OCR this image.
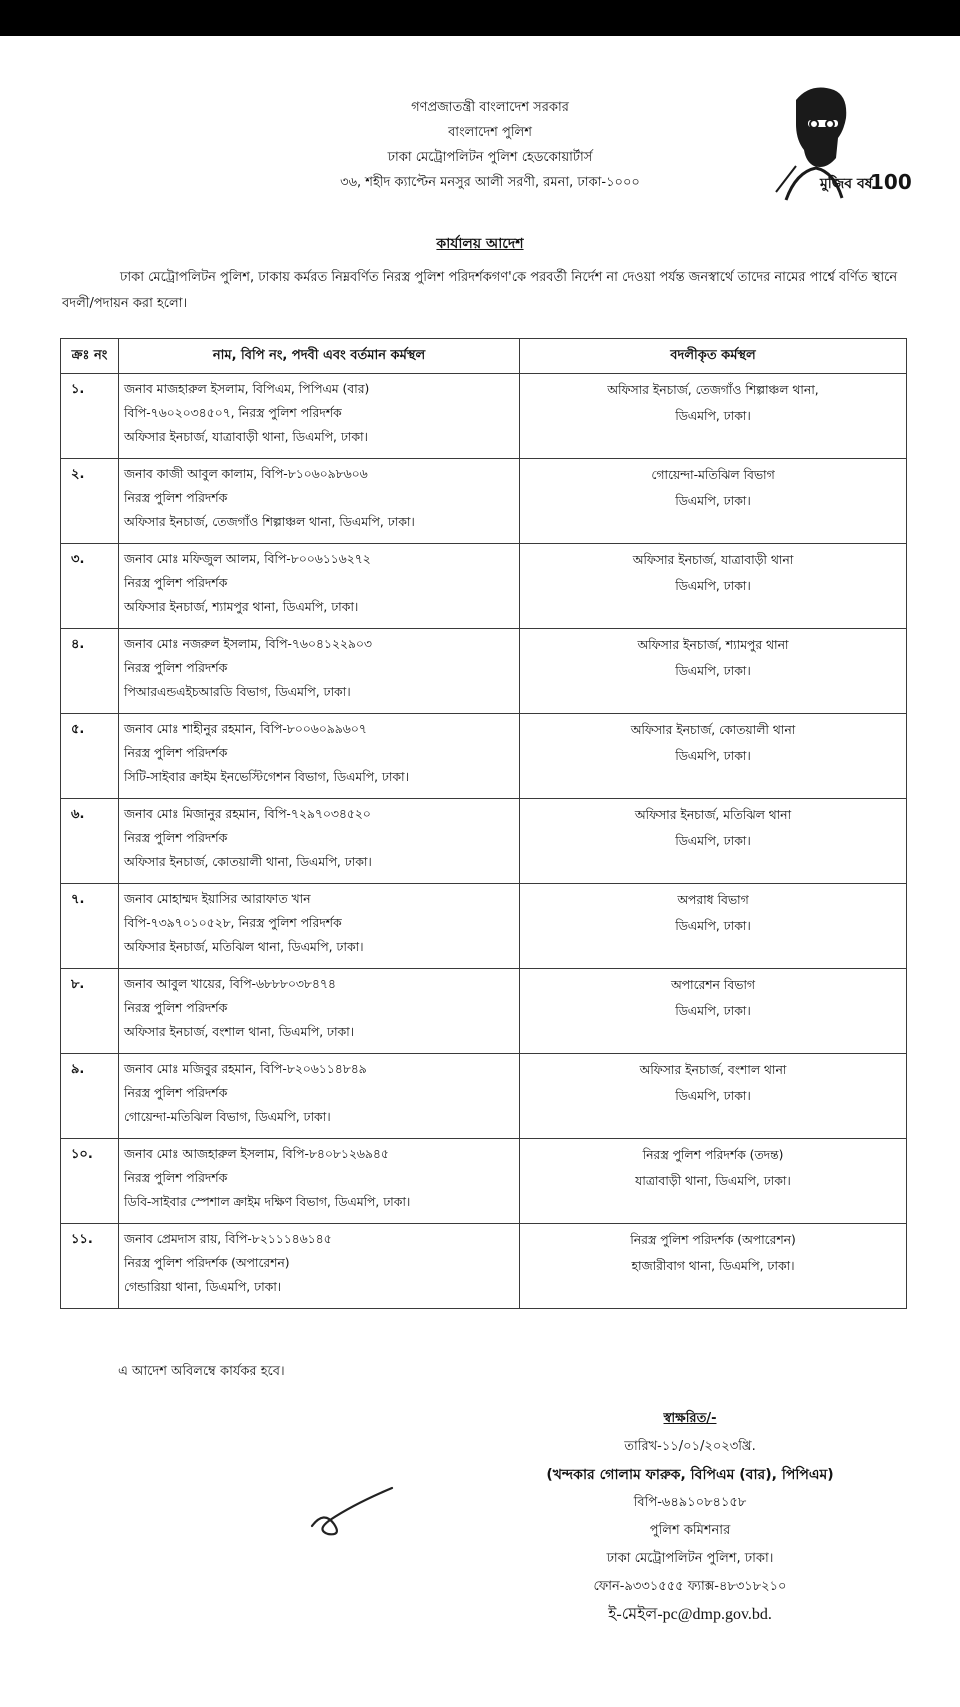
গণপ্রজাতন্ত্রী বাংলাদেশ সরকার
বাংলাদেশ পুলিশ
ঢাকা মেট্রোপলিটন পুলিশ হেডকোয়ার্টার্স
৩৬, শহীদ ক্যাপ্টেন মনসুর আলী সরণী, রমনা, ঢাকা-১০০০	মুজিব বর্ষ
100
কার্যালয় আদেশ
ঢাকা মেট্রোপলিটন পুলিশ, ঢাকায় কর্মরত নিম্নবর্ণিত নিরস্ত্র পুলিশ পরিদর্শকগণ'কে পরবর্তী নির্দেশ না দেওয়া পর্যন্ত জনস্বার্থে তাদের নামের পার্শ্বে বর্ণিত স্থানে বদলী/পদায়ন করা হলো।
ক্রঃ নং	নাম, বিপি নং, পদবী এবং বর্তমান কর্মস্থল	বদলীকৃত কর্মস্থল
১.	জনাব মাজহারুল ইসলাম, বিপিএম, পিপিএম (বার)
বিপি-৭৬০২০৩৪৫০৭, নিরস্ত্র পুলিশ পরিদর্শক
অফিসার ইনচার্জ, যাত্রাবাড়ী থানা, ডিএমপি, ঢাকা।	অফিসার ইনচার্জ, তেজগাঁও শিল্পাঞ্চল থানা,
ডিএমপি, ঢাকা।

২.	জনাব কাজী আবুল কালাম, বিপি-৮১০৬০৯৮৬০৬
নিরস্ত্র পুলিশ পরিদর্শক
অফিসার ইনচার্জ, তেজগাঁও শিল্পাঞ্চল থানা, ডিএমপি, ঢাকা।	গোয়েন্দা-মতিঝিল বিভাগ
ডিএমপি, ঢাকা।

৩.	জনাব মোঃ মফিজুল আলম, বিপি-৮০০৬১১৬২৭২
নিরস্ত্র পুলিশ পরিদর্শক
অফিসার ইনচার্জ, শ্যামপুর থানা, ডিএমপি, ঢাকা।	অফিসার ইনচার্জ, যাত্রাবাড়ী থানা
ডিএমপি, ঢাকা।

৪.	জনাব মোঃ নজরুল ইসলাম, বিপি-৭৬০৪১২২৯০৩
নিরস্ত্র পুলিশ পরিদর্শক
পিআরএন্ডএইচআরডি বিভাগ, ডিএমপি, ঢাকা।	অফিসার ইনচার্জ, শ্যামপুর থানা
ডিএমপি, ঢাকা।

৫.	জনাব মোঃ শাহীনুর রহমান, বিপি-৮০০৬০৯৯৬০৭
নিরস্ত্র পুলিশ পরিদর্শক
সিটি-সাইবার ক্রাইম ইনভেস্টিগেশন বিভাগ, ডিএমপি, ঢাকা।	অফিসার ইনচার্জ, কোতয়ালী থানা
ডিএমপি, ঢাকা।

৬.	জনাব মোঃ মিজানুর রহমান, বিপি-৭২৯৭০৩৪৫২০
নিরস্ত্র পুলিশ পরিদর্শক
অফিসার ইনচার্জ, কোতয়ালী থানা, ডিএমপি, ঢাকা।	অফিসার ইনচার্জ, মতিঝিল থানা
ডিএমপি, ঢাকা।

৭.	জনাব মোহাম্মদ ইয়াসির আরাফাত খান
বিপি-৭৩৯৭০১০৫২৮, নিরস্ত্র পুলিশ পরিদর্শক
অফিসার ইনচার্জ, মতিঝিল থানা, ডিএমপি, ঢাকা।	অপরাধ বিভাগ
ডিএমপি, ঢাকা।

৮.	জনাব আবুল খায়ের, বিপি-৬৮৮৮০৩৮৪৭৪
নিরস্ত্র পুলিশ পরিদর্শক
অফিসার ইনচার্জ, বংশাল থানা, ডিএমপি, ঢাকা।	অপারেশন বিভাগ
ডিএমপি, ঢাকা।

৯.	জনাব মোঃ মজিবুর রহমান, বিপি-৮২০৬১১৪৮৪৯
নিরস্ত্র পুলিশ পরিদর্শক
গোয়েন্দা-মতিঝিল বিভাগ, ডিএমপি, ঢাকা।	অফিসার ইনচার্জ, বংশাল থানা
ডিএমপি, ঢাকা।

১০.	জনাব মোঃ আজহারুল ইসলাম, বিপি-৮৪০৮১২৬৯৪৫
নিরস্ত্র পুলিশ পরিদর্শক
ডিবি-সাইবার স্পেশাল ক্রাইম দক্ষিণ বিভাগ, ডিএমপি, ঢাকা।	নিরস্ত্র পুলিশ পরিদর্শক (তদন্ত)
যাত্রাবাড়ী থানা, ডিএমপি, ঢাকা।

১১.	জনাব প্রেমদাস রায়, বিপি-৮২১১১৪৬১৪৫
নিরস্ত্র পুলিশ পরিদর্শক (অপারেশন)
গেন্ডারিয়া থানা, ডিএমপি, ঢাকা।	নিরস্ত্র পুলিশ পরিদর্শক (অপারেশন)
হাজারীবাগ থানা, ডিএমপি, ঢাকা।
এ আদেশ অবিলম্বে কার্যকর হবে।
স্বাক্ষরিত/-
তারিখ-১১/০১/২০২৩খ্রি.
(খন্দকার গোলাম ফারুক, বিপিএম (বার), পিপিএম)
বিপি-৬৪৯১০৮৪১৫৮
পুলিশ কমিশনার
ঢাকা মেট্রোপলিটন পুলিশ, ঢাকা।
ফোন-৯৩৩১৫৫৫ ফ্যাক্স-৪৮৩১৮২১০
ই-মেইল-pc@dmp.gov.bd.
